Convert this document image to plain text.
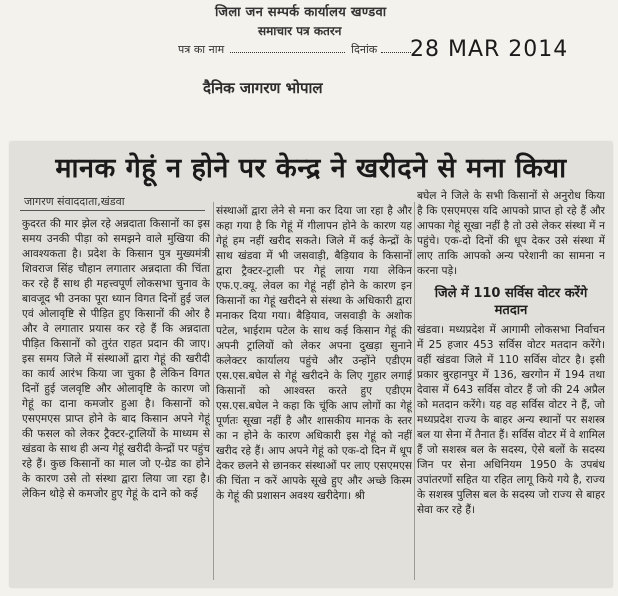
जिला जन सम्पर्क कार्यालय खण्डवा
समाचार पत्र कतरन
पत्र का नाम	दिनांक	28 MAR 2014
दैनिक जागरण भोपाल
मानक गेहूं न होने पर केन्द्र ने खरीदने से मना किया
जागरण संवाददाता,खंडवा
कुदरत की मार झेल रहे अन्नदाता किसानों का इस समय उनकी पीड़ा को समझने वाले मुखिया की आवश्यकता है। प्रदेश के किसान पुत्र मुख्यमंत्री शिवराज सिंह चौहान लगातार अन्नदाता की चिंता कर रहे हैं साथ ही महत्त्वपूर्ण लोकसभा चुनाव के बावजूद भी उनका पूरा ध्यान विगत दिनों हुई जल एवं ओलावृष्टि से पीड़ित हुए किसानों की ओर है और वे लगातार प्रयास कर रहे हैं कि अन्नदाता पीड़ित किसानों को तुरंत राहत प्रदान की जाए। इस समय जिले में संस्थाओं द्वारा गेहूं की खरीदी का कार्य आरंभ किया जा चुका है लेकिन विगत दिनों हुई जलवृष्टि और ओलावृष्टि के कारण जो गेहूं का दाना कमजोर हुआ है। किसानों को एसएमएस प्राप्त होने के बाद किसान अपने गेहूं की फसल को लेकर ट्रैक्टर-ट्रालियों के माध्यम से खंडवा के साथ ही अन्य गेहूं खरीदी केन्द्रों पर पहुंच रहे हैं। कुछ किसानों का माल जो ए-ग्रेड का होने के कारण उसे तो संस्था द्वारा लिया जा रहा है। लेकिन थोड़े से कमजोर हुए गेहूं के दाने को कई
संस्थाओं द्वारा लेने से मना कर दिया जा रहा है और कहा गया है कि गेहूं में गीलापन होने के कारण यह गेहूं हम नहीं खरीद सकते। जिले में कई केन्द्रों के साथ खंडवा में भी जसवाड़ी, बैड़ियाव के किसानों द्वारा ट्रैक्टर-ट्राली पर गेहूं लाया गया लेकिन एफ.ए.क्यू. लेवल का गेहूं नहीं होने के कारण इन किसानों का गेहूं खरीदने से संस्था के अधिकारी द्वारा मनाकर दिया गया। बैड़ियाव, जसवाड़ी के अशोक पटेल, भाईराम पटेल के साथ कई किसान गेहूं की अपनी ट्रालियों को लेकर अपना दुखड़ा सुनाने कलेक्टर कार्यालय पहुंचे और उन्होंने एडीएम एस.एस.बघेल से गेहूं खरीदने के लिए गुहार लगाई किसानों को आश्वस्त करते हुए एडीएम एस.एस.बघेल ने कहा कि चूंकि आप लोगों का गेहूं पूर्णतः सूखा नहीं है और शासकीय मानक के स्तर का न होने के कारण अधिकारी इस गेहूं को नहीं खरीद रहे हैं। आप अपने गेहूं को एक-दो दिन में धूप देकर छलने से छानकर संस्थाओं पर लाए एसएमएस की चिंता न करें आपके सूखे हुए और अच्छे किस्म के गेहूं की प्रशासन अवश्य खरीदेगा। श्री
बघेल ने जिले के सभी किसानों से अनुरोध किया है कि एसएमएस यदि आपको प्राप्त हो रहे हैं और आपका गेहूं सूखा नहीं है तो उसे लेकर संस्था में न पहुंचे। एक-दो दिनों की धूप देकर उसे संस्था में लाए ताकि आपको अन्य परेशानी का सामना न करना पड़े।
जिले में 110 सर्विस वोटर करेंगे मतदान
खंडवा। मध्यप्रदेश में आगामी लोकसभा निर्वाचन में 25 हजार 453 सर्विस वोटर मतदान करेंगे। वहीं खंडवा जिले में 110 सर्विस वोटर है। इसी प्रकार बुरहानपुर में 136, खरगोन में 194 तथा देवास में 643 सर्विस वोटर हैं जो की 24 अप्रैल को मतदान करेंगे। यह वह सर्विस वोटर ने हैं, जो मध्यप्रदेश राज्य के बाहर अन्य स्थानों पर सशस्त्र बल या सेना में तैनात हैं। सर्विस वोटर में वे शामिल हैं जो सशस्त्र बल के सदस्य, ऐसे बलों के सदस्य जिन पर सेना अधिनियम 1950 के उपबंध उपांतरणों सहित या रहित लागू किये गये है, राज्य के सशस्त्र पुलिस बल के सदस्य जो राज्य से बाहर सेवा कर रहे हैं।
